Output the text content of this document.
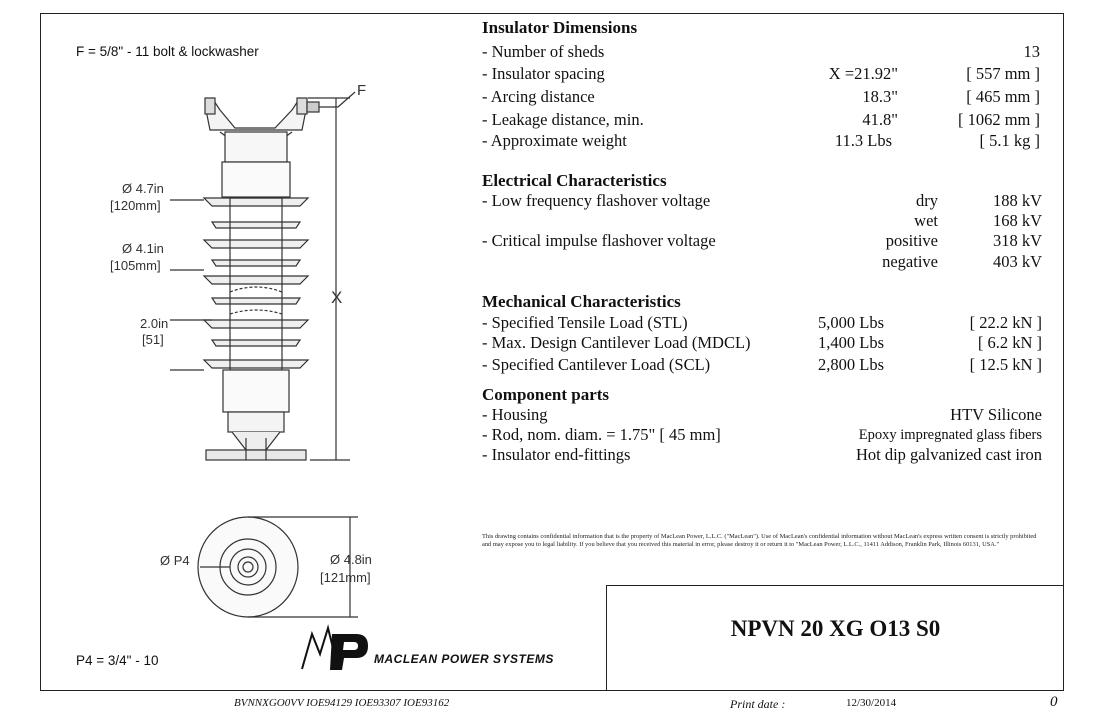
F = 5/8" - 11 bolt & lockwasher
P4 = 3/4" - 10
F
X
Ø 4.7in
[120mm]
Ø 4.1in
[105mm]
2.0in
[51]
Ø P4	Ø 4.8in
[121mm]
MACLEAN POWER SYSTEMS
Insulator Dimensions
- Number of sheds	13
- Insulator spacing	X =21.92"	[ 557 mm ]
- Arcing distance	18.3"	[ 465 mm ]
- Leakage distance, min.	41.8"	[ 1062 mm ]
- Approximate weight	11.3 Lbs	[ 5.1 kg ]
Electrical Characteristics
- Low frequency flashover voltage	dry	188 kV
wet	168 kV
- Critical impulse flashover voltage	positive	318 kV
negative	403 kV
Mechanical Characteristics
- Specified Tensile Load (STL)	5,000 Lbs	[ 22.2 kN ]
- Max. Design Cantilever Load (MDCL)	1,400 Lbs	[ 6.2 kN ]
- Specified Cantilever Load (SCL)	2,800 Lbs	[ 12.5 kN ]
Component parts
- Housing	HTV Silicone
- Rod, nom. diam. = 1.75" [ 45 mm]	Epoxy impregnated glass fibers
- Insulator end-fittings	Hot dip galvanized cast iron
This drawing contains confidential information that is the property of MacLean Power, L.L.C. ("MacLean"). Use of MacLean's confidential information without MacLean's express written consent is strictly prohibited and may expose you to legal liability. If you believe that you received this material in error, please destroy it or return it to "MacLean Power, L.L.C., 11411 Addison, Franklin Park, Illinois 60131, USA."
NPVN 20 XG O13 S0
BVNNXGO0VV IOE94129 IOE93307 IOE93162	Print date :	12/30/2014	0
